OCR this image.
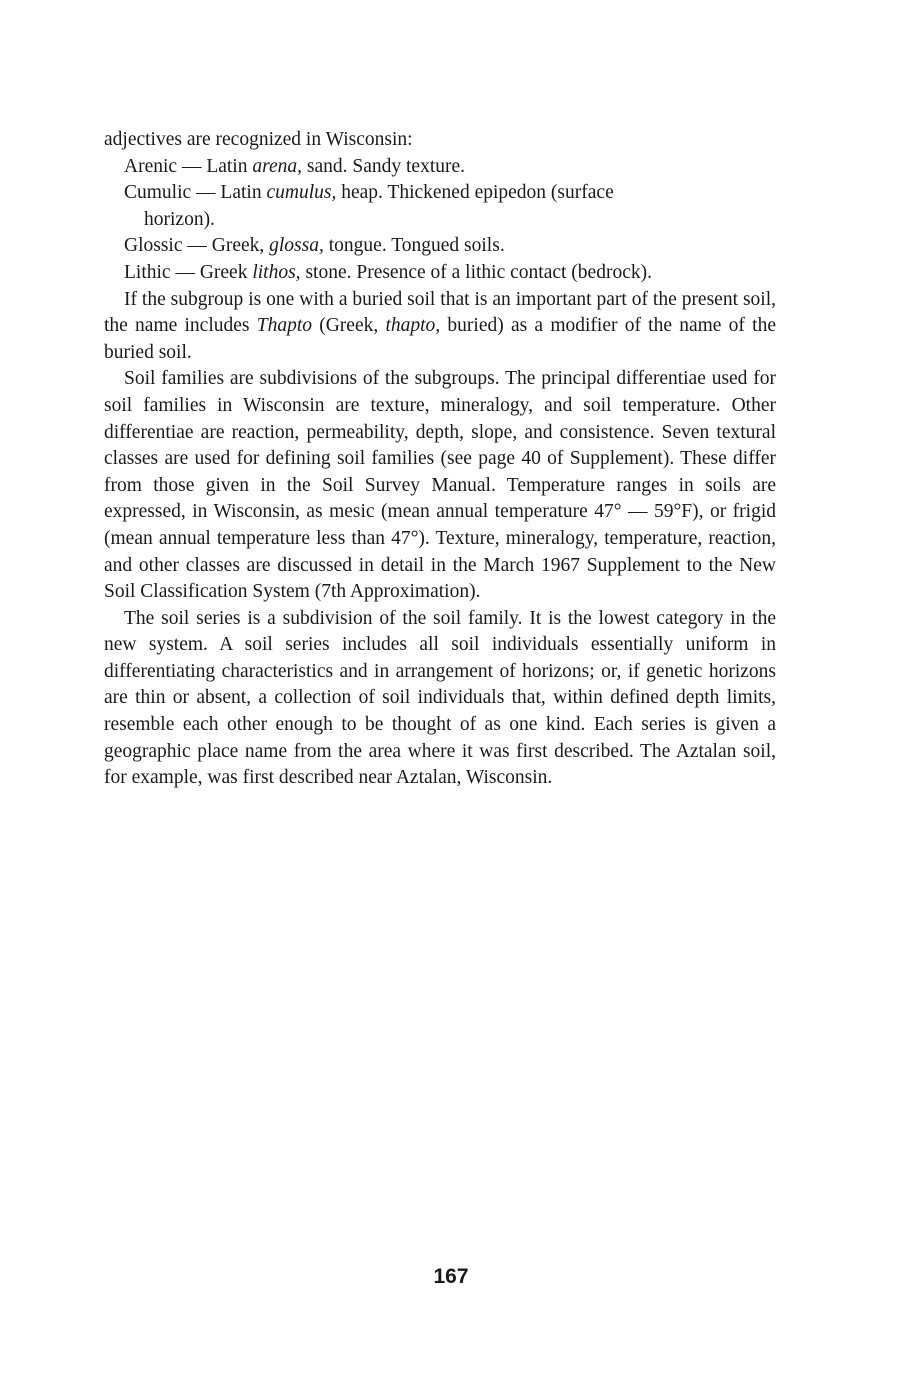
adjectives are recognized in Wisconsin:
Arenic — Latin arena, sand. Sandy texture.
Cumulic — Latin cumulus, heap. Thickened epipedon (surface
horizon).
Glossic — Greek, glossa, tongue. Tongued soils.
Lithic — Greek lithos, stone. Presence of a lithic contact (bedrock).

If the subgroup is one with a buried soil that is an important part of the present soil, the name includes Thapto (Greek, thapto, buried) as a modifier of the name of the buried soil.

Soil families are subdivisions of the subgroups. The principal differentiae used for soil families in Wisconsin are texture, mineralogy, and soil temperature. Other differentiae are reaction, permeability, depth, slope, and consistence. Seven textural classes are used for defining soil families (see page 40 of Supplement). These differ from those given in the Soil Survey Manual. Temperature ranges in soils are expressed, in Wisconsin, as mesic (mean annual temperature 47° — 59°F), or frigid (mean annual temperature less than 47°). Texture, mineralogy, temperature, reaction, and other classes are discussed in detail in the March 1967 Supplement to the New Soil Classification System (7th Approximation).

The soil series is a subdivision of the soil family. It is the lowest category in the new system. A soil series includes all soil individuals essentially uniform in differentiating characteristics and in arrangement of horizons; or, if genetic horizons are thin or absent, a collection of soil individuals that, within defined depth limits, resemble each other enough to be thought of as one kind. Each series is given a geographic place name from the area where it was first described. The Aztalan soil, for example, was first described near Aztalan, Wisconsin.

167
